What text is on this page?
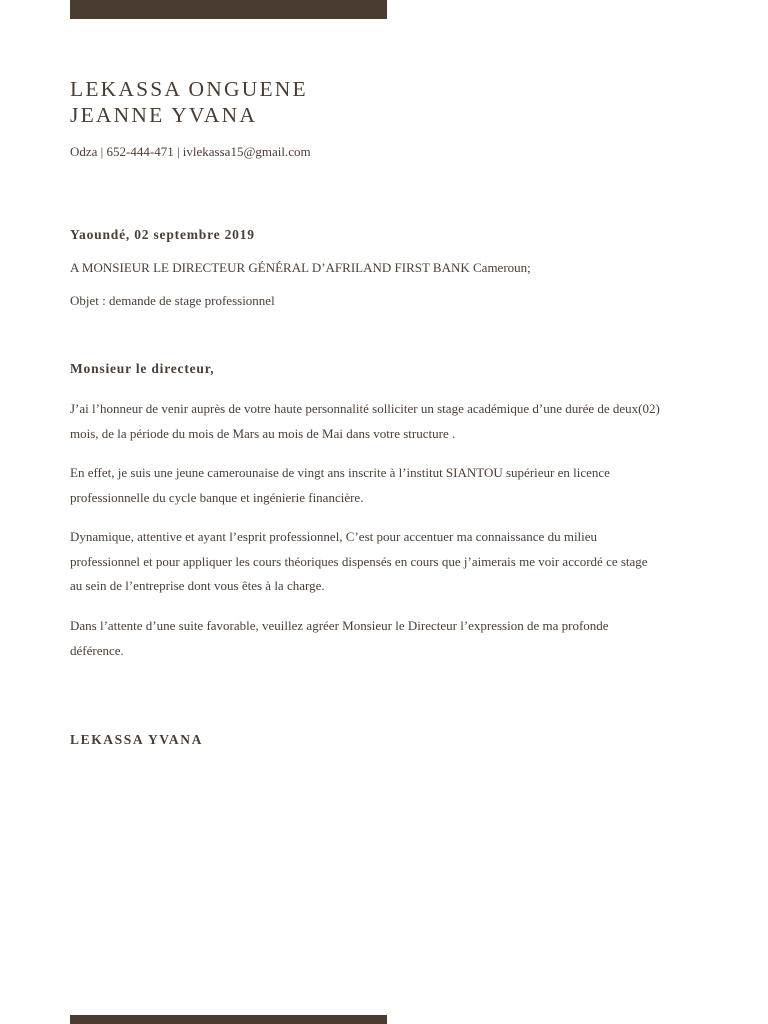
LEKASSA ONGUENE
JEANNE YVANA
Odza | 652-444-471 | ivlekassa15@gmail.com
Yaoundé, 02 septembre 2019
A MONSIEUR LE DIRECTEUR GÉNÉRAL D’AFRILAND FIRST BANK Cameroun;
Objet : demande de stage professionnel
Monsieur le directeur,

J’ai l’honneur de venir auprès de votre haute personnalité solliciter un stage académique d’une durée de deux(02)
mois, de la période du mois de Mars au mois de Mai dans votre structure .

En effet, je suis une jeune camerounaise de vingt ans inscrite à l’institut SIANTOU supérieur en licence
professionnelle du cycle banque et ingénierie financière.

Dynamique, attentive et ayant l’esprit professionnel, C’est pour accentuer ma connaissance du milieu
professionnel et pour appliquer les cours théoriques dispensés en cours que j’aimerais me voir accordé ce stage
au sein de l’entreprise dont vous êtes à la charge.

Dans l’attente d’une suite favorable, veuillez agréer Monsieur le Directeur l’expression de ma profonde
déférence.

LEKASSA YVANA
